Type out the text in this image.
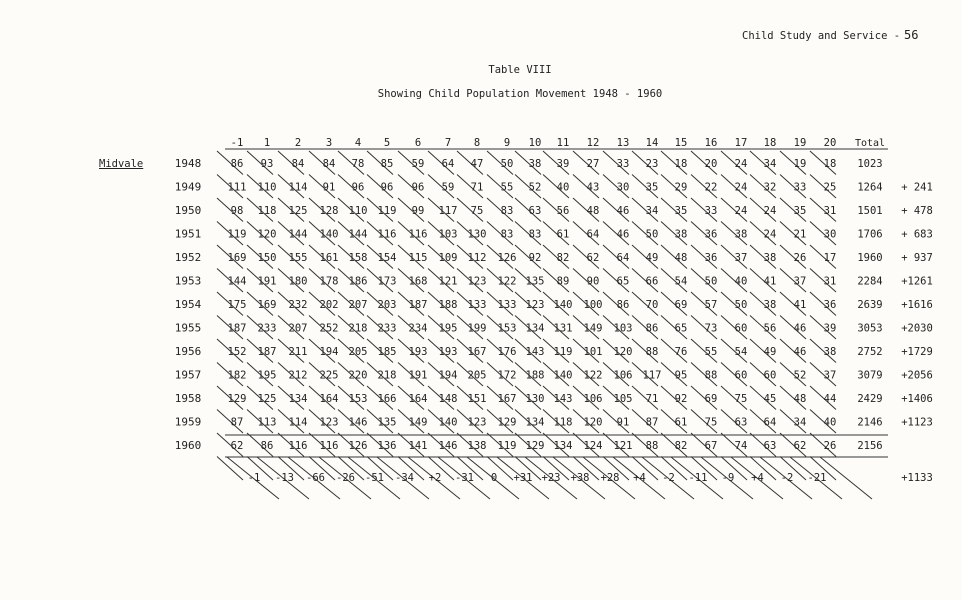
Child Study and Service - 56
Table VIII
Showing Child Population Movement 1948 - 1960
Midvale
-1 1 2 3 4 5 6 7 8 9 10 11 12 13 14 15 16 17 18 19 20 Total
1948	86 93 84 84 78 85 59 64 47 50 38 39 27 33 23 18 20 24 34 19 18 1023
1949	111 110 114 91 96 96 96 59 71 55 52 40 43 30 35 29 22 24 32 33 25 1264 + 241
1950	98 118 125 128 110 119 99 117 75 83 63 56 48 46 34 35 33 24 24 35 31 1501 + 478
1951	119 120 144 140 144 116 116 103 130 83 83 61 64 46 50 38 36 38 24 21 30 1706 + 683
1952	169 150 155 161 158 154 115 109 112 126 92 82 62 64 49 48 36 37 38 26 17 1960 + 937
1953	144 191 180 178 186 173 168 121 123 122 135 89 90 65 66 54 50 40 41 37 31 2284 +1261
1954	175 169 232 202 207 203 187 188 133 133 123 140 100 86 70 69 57 50 38 41 36 2639 +1616
1955	187 233 207 252 218 233 234 195 199 153 134 131 149 103 86 65 73 60 56 46 39 3053 +2030
1956	152 187 211 194 205 185 193 193 167 176 143 119 101 120 88 76 55 54 49 46 38 2752 +1729
1957	182 195 212 225 220 218 191 194 205 172 188 140 122 106 117 95 88 60 60 52 37 3079 +2056
1958	129 125 134 164 153 166 164 148 151 167 130 143 106 105 71 92 69 75 45 48 44 2429 +1406
1959	87 113 114 123 146 135 149 140 123 129 134 118 120 91 87 61 75 63 64 34 40 2146 +1123
1960	62 86 116 116 126 136 141 146 138 119 129 134 124 121 88 82 67 74 63 62 26 2156
-1 -13 -66 -26 -51 -34 +2 -31 0 +31 +23 +38 +28 +4 -2 -11 -9 +4 -2 -21	+1133
